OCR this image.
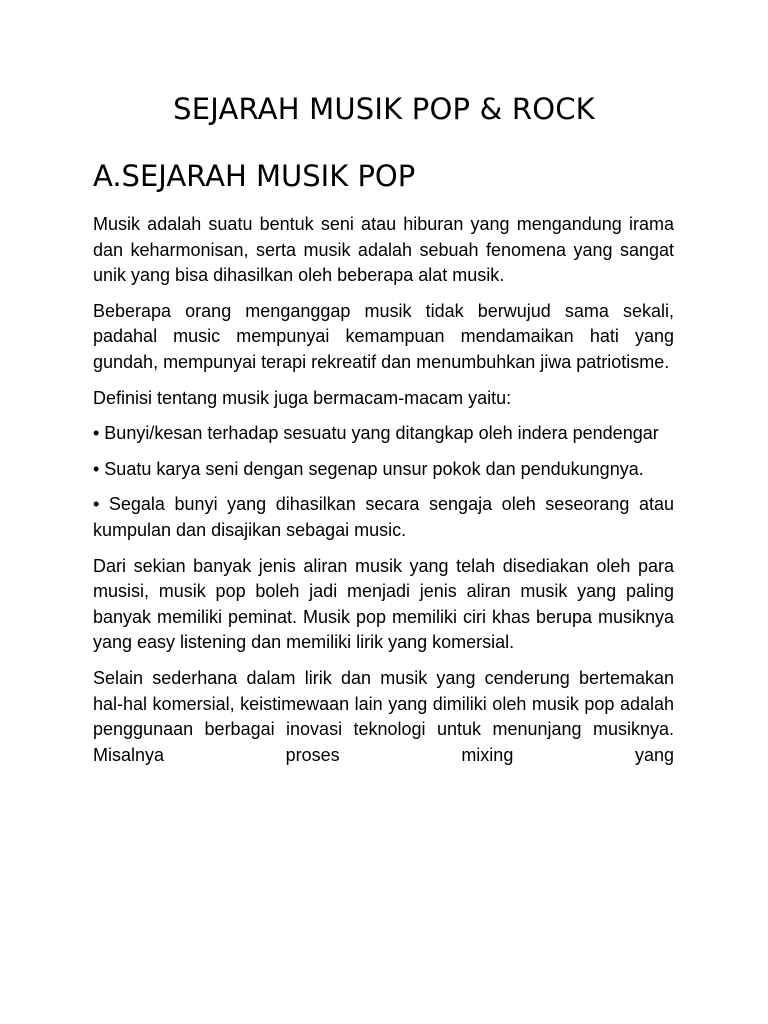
SEJARAH MUSIK POP & ROCK
A.SEJARAH MUSIK POP

Musik adalah suatu bentuk seni atau hiburan yang mengandung irama dan keharmonisan, serta musik adalah sebuah fenomena yang sangat unik yang bisa dihasilkan oleh beberapa alat musik.

Beberapa orang menganggap musik tidak berwujud sama sekali, padahal music mempunyai kemampuan mendamaikan hati yang gundah, mempunyai terapi rekreatif dan menumbuhkan jiwa patriotisme.

Definisi tentang musik juga bermacam-macam yaitu:

• Bunyi/kesan terhadap sesuatu yang ditangkap oleh indera pendengar

• Suatu karya seni dengan segenap unsur pokok dan pendukungnya.

• Segala bunyi yang dihasilkan secara sengaja oleh seseorang atau kumpulan dan disajikan sebagai music.

Dari sekian banyak jenis aliran musik yang telah disediakan oleh para musisi, musik pop boleh jadi menjadi jenis aliran musik yang paling banyak memiliki peminat. Musik pop memiliki ciri khas berupa musiknya yang easy listening dan memiliki lirik yang komersial.

Selain sederhana dalam lirik dan musik yang cenderung bertemakan hal-hal komersial, keistimewaan lain yang dimiliki oleh musik pop adalah penggunaan berbagai inovasi teknologi untuk menunjang musiknya. Misalnya proses mixing yang
